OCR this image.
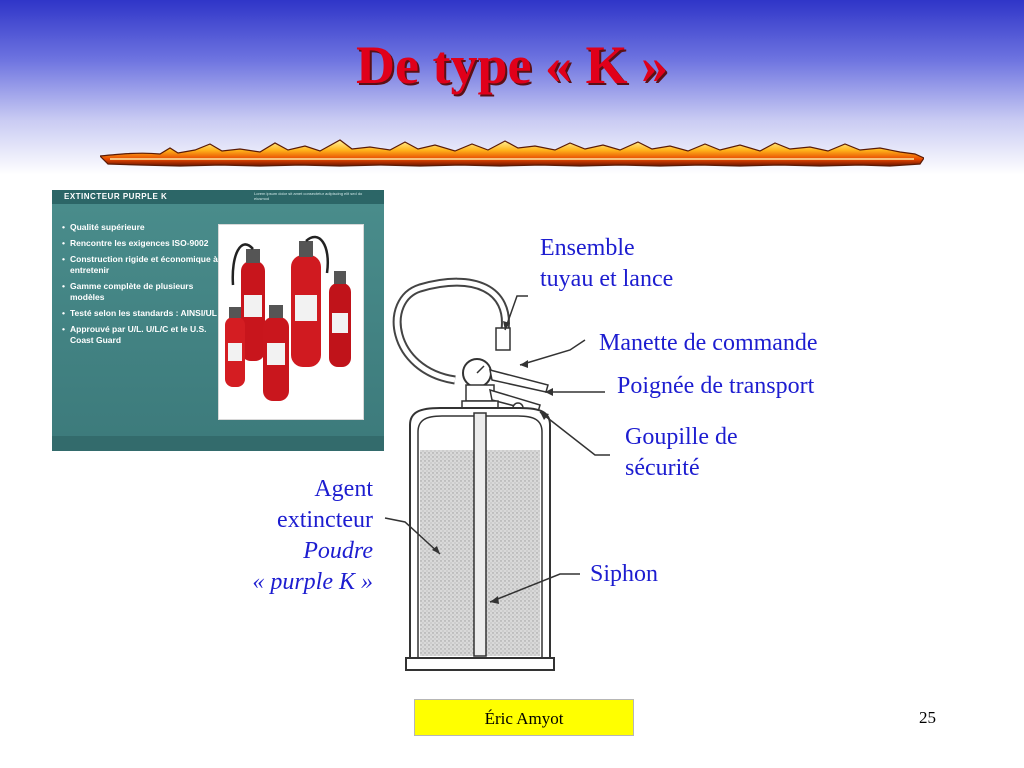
De type « K »
EXTINCTEUR PURPLE K	Lorem ipsum dolor sit amet consectetur adipiscing elit sed do eiusmod
• Qualité supérieure
• Rencontre les exigences ISO-9002
• Construction rigide et économique à entretenir
• Gamme complète de plusieurs modèles
• Testé selon les standards : AINSI/UL
• Approuvé par U/L. U/L/C et le U.S. Coast Guard
Ensemble
tuyau et lance
Manette de commande
Poignée de transport
Goupille de
sécurité
Siphon
Agent
extincteur
Poudre
« purple K »
Éric Amyot	25
